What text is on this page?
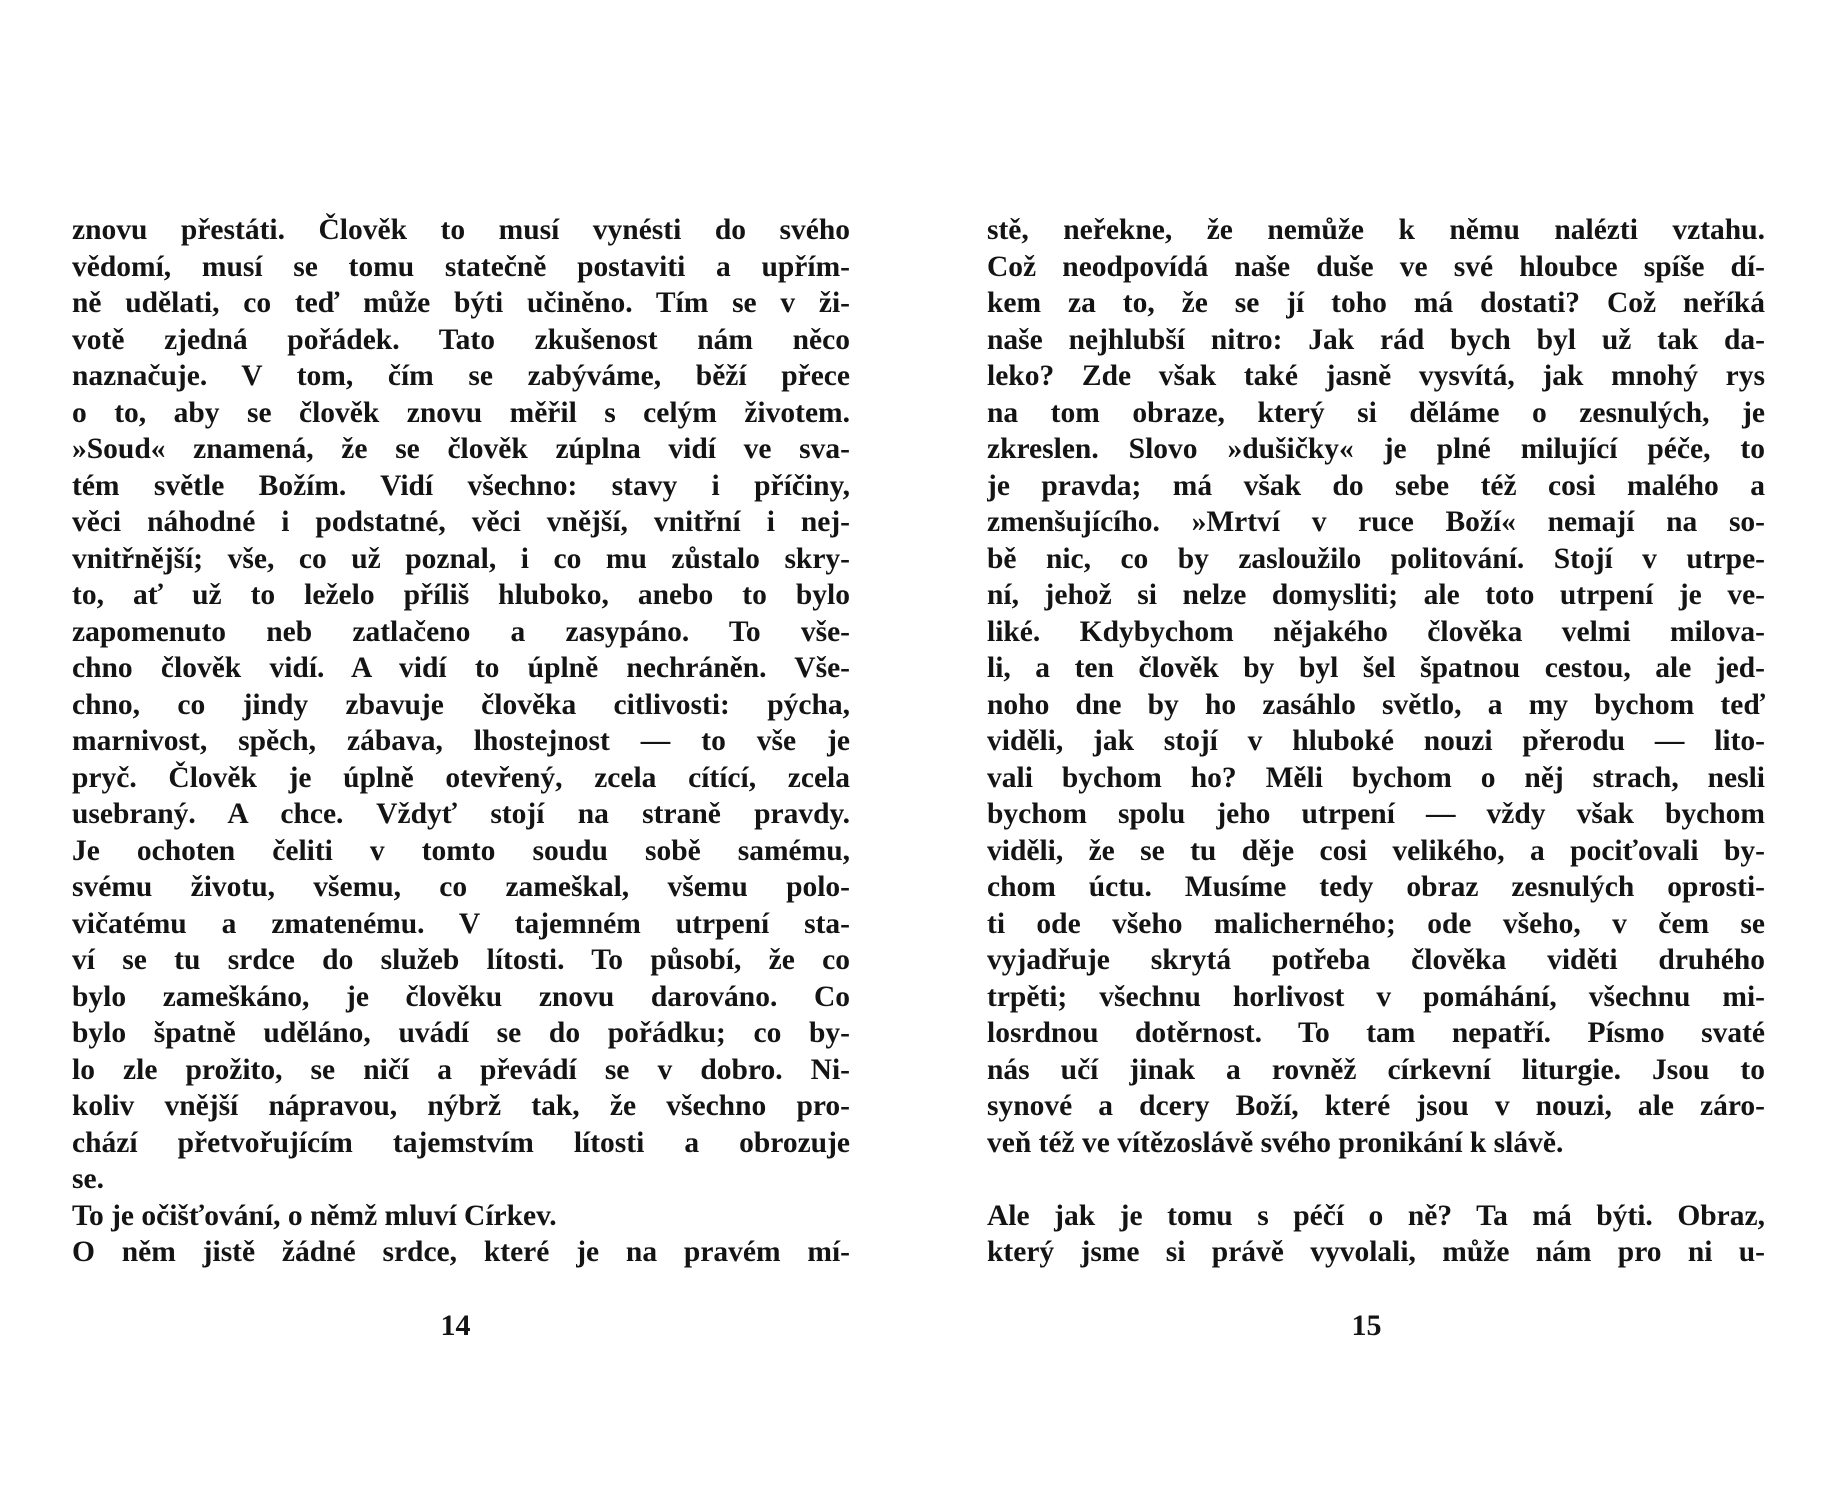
znovu přestáti. Člověk to musí vynésti do svého
vědomí, musí se tomu statečně postaviti a upřím-
ně udělati, co teď může býti učiněno. Tím se v ži-
votě zjedná pořádek. Tato zkušenost nám něco
naznačuje. V tom, čím se zabýváme, běží přece
o to, aby se člověk znovu měřil s celým životem.
»Soud« znamená, že se člověk zúplna vidí ve sva-
tém světle Božím. Vidí všechno: stavy i příčiny,
věci náhodné i podstatné, věci vnější, vnitřní i nej-
vnitřnější; vše, co už poznal, i co mu zůstalo skry-
to, ať už to leželo příliš hluboko, anebo to bylo
zapomenuto neb zatlačeno a zasypáno. To vše-
chno člověk vidí. A vidí to úplně nechráněn. Vše-
chno, co jindy zbavuje člověka citlivosti: pýcha,
marnivost, spěch, zábava, lhostejnost — to vše je
pryč. Člověk je úplně otevřený, zcela cítící, zcela
usebraný. A chce. Vždyť stojí na straně pravdy.
Je ochoten čeliti v tomto soudu sobě samému,
svému životu, všemu, co zameškal, všemu polo-
vičatému a zmatenému. V tajemném utrpení sta-
ví se tu srdce do služeb lítosti. To působí, že co
bylo zameškáno, je člověku znovu darováno. Co
bylo špatně uděláno, uvádí se do pořádku; co by-
lo zle prožito, se ničí a převádí se v dobro. Ni-
koliv vnější nápravou, nýbrž tak, že všechno pro-
chází přetvořujícím tajemstvím lítosti a obrozuje
se.
To je očišťování, o němž mluví Církev.
O něm jistě žádné srdce, které je na pravém mí-
14
stě, neřekne, že nemůže k němu nalézti vztahu.
Což neodpovídá naše duše ve své hloubce spíše dí-
kem za to, že se jí toho má dostati? Což neříká
naše nejhlubší nitro: Jak rád bych byl už tak da-
leko? Zde však také jasně vysvítá, jak mnohý rys
na tom obraze, který si děláme o zesnulých, je
zkreslen. Slovo »dušičky« je plné milující péče, to
je pravda; má však do sebe též cosi malého a
zmenšujícího. »Mrtví v ruce Boží« nemají na so-
bě nic, co by zasloužilo politování. Stojí v utrpe-
ní, jehož si nelze domysliti; ale toto utrpení je ve-
liké. Kdybychom nějakého člověka velmi milova-
li, a ten člověk by byl šel špatnou cestou, ale jed-
noho dne by ho zasáhlo světlo, a my bychom teď
viděli, jak stojí v hluboké nouzi přerodu — lito-
vali bychom ho? Měli bychom o něj strach, nesli
bychom spolu jeho utrpení — vždy však bychom
viděli, že se tu děje cosi velikého, a pociťovali by-
chom úctu. Musíme tedy obraz zesnulých oprosti-
ti ode všeho malicherného; ode všeho, v čem se
vyjadřuje skrytá potřeba člověka viděti druhého
trpěti; všechnu horlivost v pomáhání, všechnu mi-
losrdnou dotěrnost. To tam nepatří. Písmo svaté
nás učí jinak a rovněž církevní liturgie. Jsou to
synové a dcery Boží, které jsou v nouzi, ale záro-
veň též ve vítězoslávě svého pronikání k slávě.
Ale jak je tomu s péčí o ně? Ta má býti. Obraz,
který jsme si právě vyvolali, může nám pro ni u-
15
